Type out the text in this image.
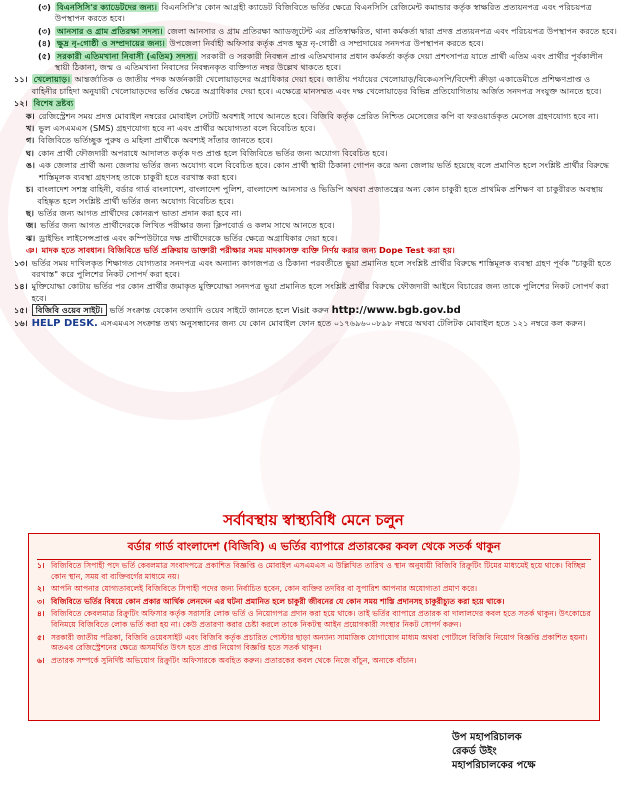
(৩) বিএনসিসি'র ক্যাডেটদের জন্য। বিএনসিসি'র কোন আগ্রহী ক্যাডেট বিজিবিতে ভর্তির ক্ষেত্রে বিএনসিসি রেজিমেন্ট কমান্ডার কর্তৃক স্বাক্ষরিত প্রত্যয়নপত্র এবং পরিচয়পত্র উপস্থাপন করতে হবে।
(৩) আনসার ও গ্রাম প্রতিরক্ষা সদস্য। জেলা আনসার ও গ্রাম প্রতিরক্ষা অ্যাডজুটেন্ট এর প্রতিস্বাক্ষরিত, থানা কর্মকর্তা দ্বারা প্রদত্ত প্রত্যয়নপত্র এবং পরিচয়পত্র উপস্থাপন করতে হবে।
(৪) ক্ষুদ্র নৃ-গোষ্ঠী ও সম্প্রদায়ের জন্য। উপজেলা নির্বাহী অফিসার কর্তৃক প্রদত্ত ক্ষুদ্র নৃ-গোষ্ঠী ও সম্প্রদায়ের সনদপত্র উপস্থাপন করতে হবে।
(৫) সরকারী এতিমখানা নিবাসী (এতিম) সদস্য। সরকারী ও সরকারী নিবন্ধন প্রাপ্ত এতিমখানার প্রধান কর্মকর্তা কর্তৃক দেয়া প্রশংসাপত্র যাতে প্রার্থী এতিম এবং প্রার্থীর পূর্বকালীন স্থায়ী ঠিকানা, জন্ম ও এতিমখানা নিবাসের নিবন্ধনকৃত ব্যক্তিগত নম্বর উল্লেখ থাকতে হবে।
১১। খেলোয়াড়। আন্তর্জাতিক ও জাতীয় পদক অর্জনকারী খেলোয়াড়দের অগ্রাধিকার দেয়া হবে। জাতীয় পর্যায়ের খেলোয়াড়/বিকেএসপি/বিদেশী ক্রীড়া একাডেমীতে প্রশিক্ষণপ্রাপ্ত ও বাহিনীর চাহিদা অনুযায়ী খেলোয়াড়দের ভর্তির ক্ষেত্রে অগ্রাধিকার দেয়া হবে। এক্ষেত্রে মানসম্মত এবং দক্ষ খেলোয়াড়ের বিভিন্ন প্রতিযোগিতায় অর্জিত সনদপত্র সংযুক্ত আনতে হবে।
১২। বিশেষ দ্রষ্টব্য
ক। রেজিস্ট্রেশন সময় প্রদত্ত মোবাইল নম্বরের মোবাইল সেটটি অবশ্যই সাথে আনতে হবে। বিজিবি কর্তৃক প্রেরিত নিশ্চিত মেসেজের কপি বা ফরওয়ার্ডকৃত মেসেজ গ্রহণযোগ্য হবে না।
খ। ভুল এসএমএস (SMS) গ্রহণযোগ্য হবে না এবং প্রার্থীর অযোগ্যতা বলে বিবেচিত হবে।
গ। বিজিবিতে ভর্তিচ্ছুক পুরুষ ও মহিলা প্রার্থীকে অবশ্যই সাঁতার জানতে হবে।
ঘ। কোন প্রার্থী ফৌজদারী অপরাধে আদালত কর্তৃক দণ্ড প্রাপ্ত হলে বিজিবিতে ভর্তির জন্য অযোগ্য বিবেচিত হবে।
ঙ। এক জেলার প্রার্থী অন্য জেলায় ভর্তির জন্য অযোগ্য বলে বিবেচিত হবে। কোন প্রার্থী স্থায়ী ঠিকানা গোপন করে অন্য জেলায় ভর্তি হয়েছে বলে প্রমাণিত হলে সংশ্লিষ্ট প্রার্থীর বিরুদ্ধে শাস্তিমূলক ব্যবস্থা গ্রহণসহ তাকে চাকুরী হতে বরখাস্ত করা হবে।
চ। বাংলাদেশ সশস্ত্র বাহিনী, বর্ডার গার্ড বাংলাদেশ, বাংলাদেশ পুলিশ, বাংলাদেশ আনসার ও ভিডিপি অথবা প্রজাতন্ত্রের অন্য কোন চাকুরী হতে প্রাথমিক প্রশিক্ষণ বা চাকুরীরত অবস্থায় বহিষ্কৃত হলে সংশ্লিষ্ট প্রার্থী ভর্তির জন্য অযোগ্য বিবেচিত হবে।
ছ। ভর্তির জন্য আগত প্রার্থীদের কোনরূপ ভাতা প্রদান করা হবে না।
জ। ভর্তির জন্য আগত প্রার্থীদেরকে লিখিত পরীক্ষার জন্য ক্লিপবোর্ড ও কলম সাথে আনতে হবে।
ঝ। ড্রাইভিং লাইসেন্সপ্রাপ্ত এবং কম্পিউটারে দক্ষ প্রার্থীদেরকে ভর্তির ক্ষেত্রে অগ্রাধিকার দেয়া হবে।
ঞ। মাদক হতে সাবধান। বিজিবিতে ভর্তি প্রক্রিয়ায় ডাক্তারী পরীক্ষার সময় মাদকাসক্ত ব্যক্তি নির্ণয় করার জন্য Dope Test করা হয়।
১৩। ভর্তির সময় দাখিলকৃত শিক্ষাগত যোগ্যতার সনদপত্র এবং অন্যান্য কাগজপত্র ও ঠিকানা পরবর্তীতে ভুয়া প্রমানিত হলে সংশ্লিষ্ট প্রার্থীর বিরুদ্ধে শাস্তিমূলক ব্যবস্থা গ্রহণ পূর্বক "চাকুরী হতে বরখাস্ত" করে পুলিশের নিকট সোপর্দ করা হবে।
১৪। মুক্তিযোদ্ধা কোটায় ভর্তির পর কোন প্রার্থীর জমাকৃত মুক্তিযোদ্ধা সনদপত্র ভুয়া প্রমানিত হলে সংশ্লিষ্ট প্রার্থীর বিরুদ্ধে ফৌজদারী আইনে বিচারের জন্য তাকে পুলিশের নিকট সোপর্দ করা হবে।
১৫। বিজিবি ওয়েব সাইট। ভর্তি সংক্রান্ত যেকোন তথ্যাদি ওয়েব সাইটে জানতে হলে Visit করুন http://www.bgb.gov.bd
১৬। HELP DESK. এসএমএস সংক্রান্ত তথ্য অনুসন্ধানের জন্য যে কোন মোবাইল ফোন হতে ০১৭৬৯৬০০৮৯৮ নম্বরে অথবা টেলিটক মোবাইল হতে ১২১ নম্বরে কল করুন।
সর্বাবস্থায় স্বাস্থ্যবিধি মেনে চলুন
বর্ডার গার্ড বাংলাদেশ (বিজিবি) এ ভর্তির ব্যাপারে প্রতারকের কবল থেকে সতর্ক থাকুন
১। বিজিবিতে সিপাহী পদে ভর্তি কেবলমাত্র সংবাদপত্রে প্রকাশিত বিজ্ঞপ্তি ও মোবাইল এসএমএস এ উল্লিখিত তারিখ ও স্থান অনুযায়ী বিজিবি রিক্রুটিং টিমের মাধ্যমেই হয়ে থাকে। বিচ্ছিন্ন কোন স্থান, সময় বা ব্যক্তিবর্গের মাধ্যমে নয়।
২। আপনি আপনার যোগ্যতাবলেই বিজিবিতে সিপাহী পদের জন্য নির্বাচিত হবেন, কোন ব্যক্তির তদবির বা সুপারিশ আপনার অযোগ্যতা প্রমাণ করে।
৩। বিজিবিতে ভর্তির বিষয়ে কোন প্রকার আর্থিক লেনদেন এর ঘটনা প্রমানিত হলে চাকুরী জীবনের যে কোন সময় শাস্তি প্রদানসহ চাকুরীচ্যুত করা হয়ে থাকে।
৪। বিজিবিতে কেবলমাত্র রিক্রুটিং অফিসার কর্তৃক সরাসরি লোক ভর্তি ও নিয়োগপত্র প্রদান করা হয়ে থাকে। তাই ভর্তির ব্যাপারে প্রতারক বা দালালদের কবল হতে সতর্ক থাকুন। উৎকোচের বিনিময়ে বিজিবিতে লোক ভর্তি করা হয় না। কেউ প্রতারণা করার চেষ্টা করলে তাকে নিকটস্থ আইন প্রয়োগকারী সংস্থার নিকট সোপর্দ করুন।
৫। সরকারী জাতীয় পত্রিকা, বিজিবি ওয়েবসাইট এবং বিজিবি কর্তৃক প্রচারিত পোস্টার ছাড়া অন্যান্য সামাজিক যোগাযোগ মাধ্যম অথবা পোর্টালে বিজিবি নিয়োগ বিজ্ঞপ্তি প্রকাশিত হয়না। অতএব রেজিস্ট্রেশনের ক্ষেত্রে অসমর্থিত উৎস হতে প্রাপ্ত নিয়োগ বিজ্ঞপ্তি হতে সতর্ক থাকুন।
৬। প্রতারক সম্পর্কে সুনির্দিষ্ট অভিযোগ রিক্রুটিং অফিসারকে অবহিত করুন। প্রতারকের কবল থেকে নিজে বাঁচুন, অন্যকে বাঁচান।
উপ মহাপরিচালক
রেকর্ড উইং
মহাপরিচালকের পক্ষে
